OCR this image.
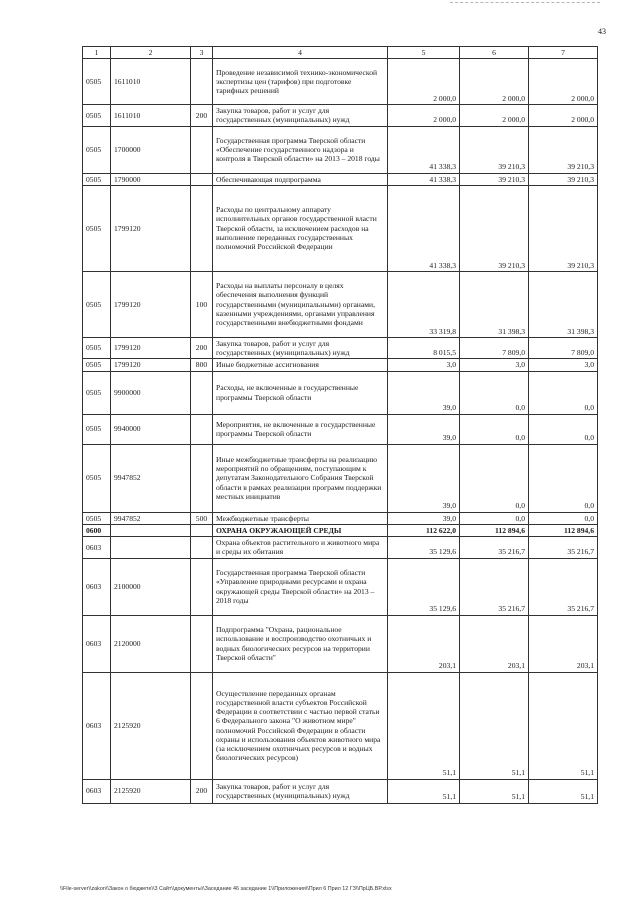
43
1	2	3	4	5	6	7
0505	1611010		Проведение независимой технико-экономической экспертизы цен (тарифов) при подготовке тарифных решений	2 000,0	2 000,0	2 000,0
0505	1611010	200	Закупка товаров, работ и услуг для государственных (муниципальных) нужд	2 000,0	2 000,0	2 000,0
0505	1700000		Государственная программа Тверской области «Обеспечение государственного надзора и контроля в Тверской области» на 2013 – 2018 годы	41 338,3	39 210,3	39 210,3
0505	1790000		Обеспечивающая подпрограмма	41 338,3	39 210,3	39 210,3
0505	1799120		Расходы по центральному аппарату исполнительных органов государственной власти Тверской области, за исключением расходов на выполнение переданных государственных полномочий Российской Федерации	41 338,3	39 210,3	39 210,3
0505	1799120	100	Расходы на выплаты персоналу в целях обеспечения выполнения функций государственными (муниципальными) органами, казенными учреждениями, органами управления государственными внебюджетными фондами	33 319,8	31 398,3	31 398,3
0505	1799120	200	Закупка товаров, работ и услуг для государственных (муниципальных) нужд	8 015,5	7 809,0	7 809,0
0505	1799120	800	Иные бюджетные ассигнования	3,0	3,0	3,0
0505	9900000		Расходы, не включенные в государственные программы Тверской области	39,0	0,0	0,0
0505	9940000		Мероприятия, не включенные в государственные программы Тверской области	39,0	0,0	0,0
0505	9947852		Иные межбюджетные трансферты на реализацию мероприятий по обращениям, поступающим к депутатам Законодательного Собрания Тверской области в рамках реализации программ поддержки местных инициатив	39,0	0,0	0,0
0505	9947852	500	Межбюджетные трансферты	39,0	0,0	0,0
0600			ОХРАНА ОКРУЖАЮЩЕЙ СРЕДЫ	112 622,0	112 894,6	112 894,6
0603			Охрана объектов растительного и животного мира и среды их обитания	35 129,6	35 216,7	35 216,7
0603	2100000		Государственная программа Тверской области «Управление природными ресурсами и охрана окружающей среды Тверской области» на 2013 – 2018 годы	35 129,6	35 216,7	35 216,7
0603	2120000		Подпрограмма "Охрана, рациональное использование и воспроизводство охотничьих и водных биологических ресурсов на территории Тверской области"	203,1	203,1	203,1
0603	2125920		Осуществление переданных органам государственной власти субъектов Российской Федерации в соответствии с частью первой статьи 6 Федерального закона "О животном мире" полномочий Российской Федерации в области охраны и использования объектов животного мира (за исключением охотничьих ресурсов и водных биологических ресурсов)	51,1	51,1	51,1
0603	2125920	200	Закупка товаров, работ и услуг для государственных (муниципальных) нужд	51,1	51,1	51,1
\\File-server\\zakon\\Закон о бюджете\\3 Сайт\\документы\\Заседание 46 заседание 1\\Приложения\\Прил 6 Прил 12 ГЗ\\ПрЦБ.ВР.xlsx
